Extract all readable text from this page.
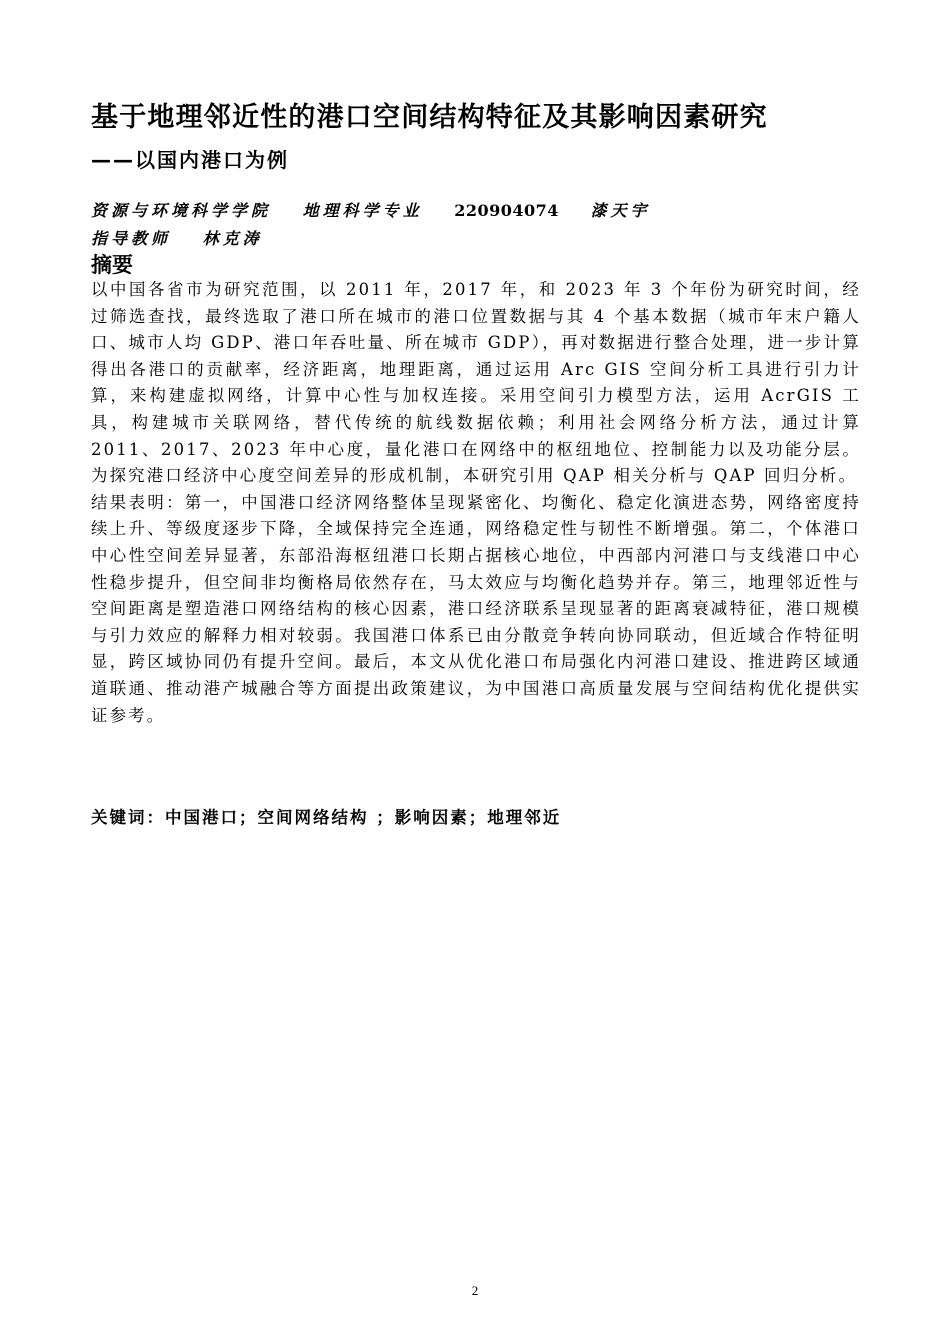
基于地理邻近性的港口空间结构特征及其影响因素研究
——以国内港口为例
资源与环境科学学院 地理科学专业 220904074 漆天宇
指导教师 林克涛
摘要

以中国各省市为研究范围，以 2011 年，2017 年，和 2023 年 3 个年份为研究时间，经过筛选查找，最终选取了港口所在城市的港口位置数据与其 4 个基本数据（城市年末户籍人口、城市人均 GDP、港口年吞吐量、所在城市 GDP），再对数据进行整合处理，进一步计算得出各港口的贡献率，经济距离，地理距离，通过运用 Arc GIS 空间分析工具进行引力计算，来构建虚拟网络，计算中心性与加权连接。采用空间引力模型方法，运用 AcrGIS 工具，构建城市关联网络，替代传统的航线数据依赖；利用社会网络分析方法，通过计算 2011、2017、2023 年中心度，量化港口在网络中的枢纽地位、控制能力以及功能分层。为探究港口经济中心度空间差异的形成机制，本研究引用 QAP 相关分析与 QAP 回归分析。

结果表明：第一，中国港口经济网络整体呈现紧密化、均衡化、稳定化演进态势，网络密度持续上升、等级度逐步下降，全域保持完全连通，网络稳定性与韧性不断增强。第二，个体港口中心性空间差异显著，东部沿海枢纽港口长期占据核心地位，中西部内河港口与支线港口中心性稳步提升，但空间非均衡格局依然存在，马太效应与均衡化趋势并存。第三，地理邻近性与空间距离是塑造港口网络结构的核心因素，港口经济联系呈现显著的距离衰减特征，港口规模与引力效应的解释力相对较弱。我国港口体系已由分散竞争转向协同联动，但近域合作特征明显，跨区域协同仍有提升空间。最后，本文从优化港口布局强化内河港口建设、推进跨区域通道联通、推动港产城融合等方面提出政策建议，为中国港口高质量发展与空间结构优化提供实证参考。

关键词：中国港口；空间网络结构 ；影响因素；地理邻近
2
